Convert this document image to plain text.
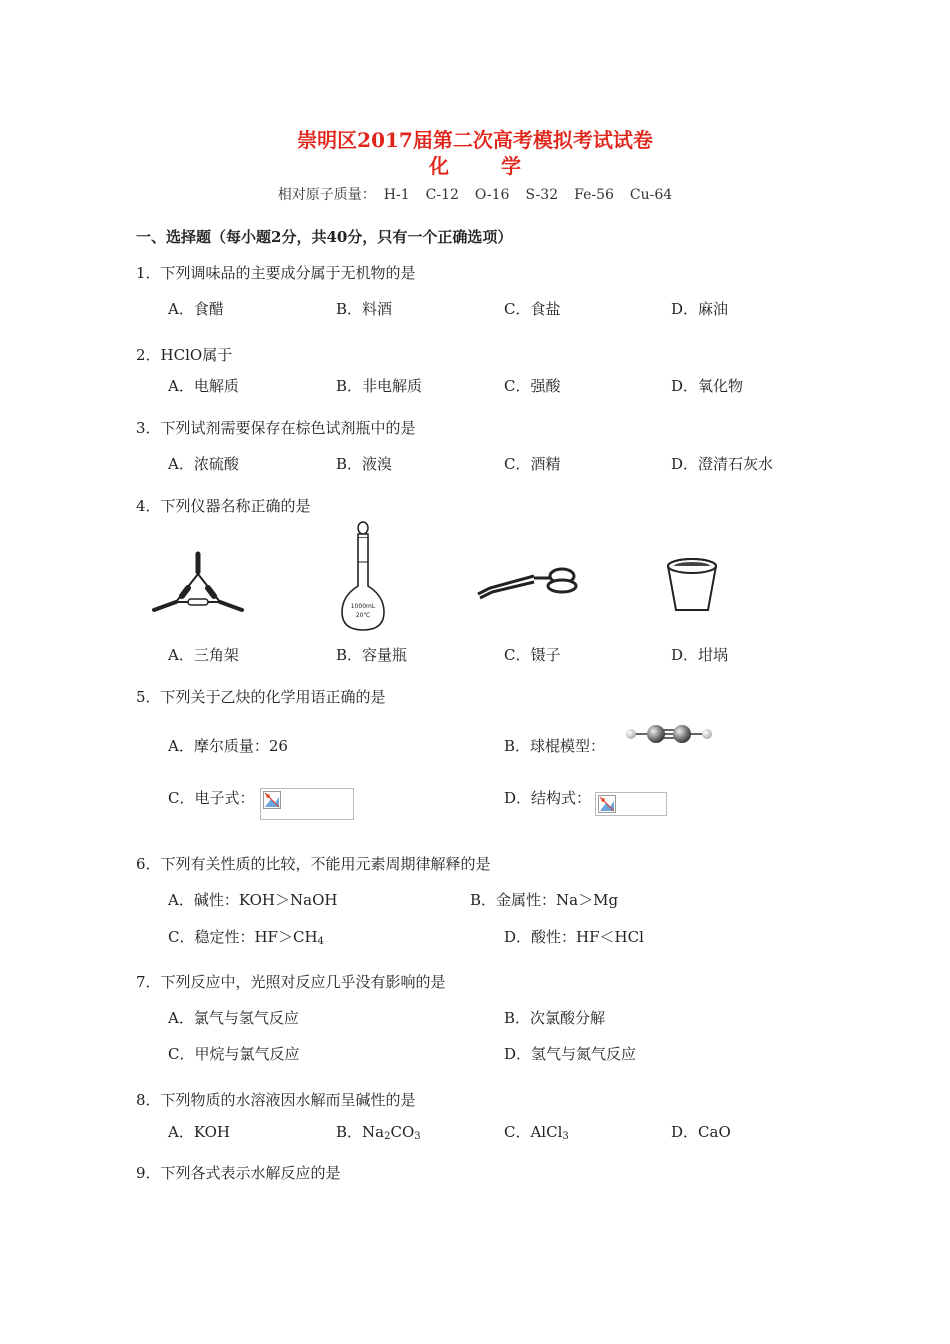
崇明区2017届第二次高考模拟考试试卷
化	学
相对原子质量： H-1 C-12 O-16 S-32 Fe-56 Cu-64
一、选择题（每小题2分，共40分，只有一个正确选项）
1．下列调味品的主要成分属于无机物的是
A．食醋	B．料酒	C．食盐	D．麻油
2．HClO属于
A．电解质	B．非电解质	C．强酸	D．氧化物
3．下列试剂需要保存在棕色试剂瓶中的是
A．浓硫酸	B．液溴	C．酒精	D．澄清石灰水
4．下列仪器名称正确的是
1000mL
20℃
A．三角架	B．容量瓶	C．镊子	D．坩埚
5．下列关于乙炔的化学用语正确的是
A．摩尔质量：26	B．球棍模型：
C．电子式：	D．结构式：
6．下列有关性质的比较，不能用元素周期律解释的是
A．碱性：KOH＞NaOH	B．金属性：Na＞Mg
C．稳定性：$HF>CH_4$	D．酸性：HF＜HCl
7．下列反应中，光照对反应几乎没有影响的是
A．氯气与氢气反应	B．次氯酸分解
C．甲烷与氯气反应	D．氢气与氮气反应
8．下列物质的水溶液因水解而呈碱性的是
A．KOH	B．$Na_2CO_3$	C．AlCl$_3$	D．CaO
9．下列各式表示水解反应的是
